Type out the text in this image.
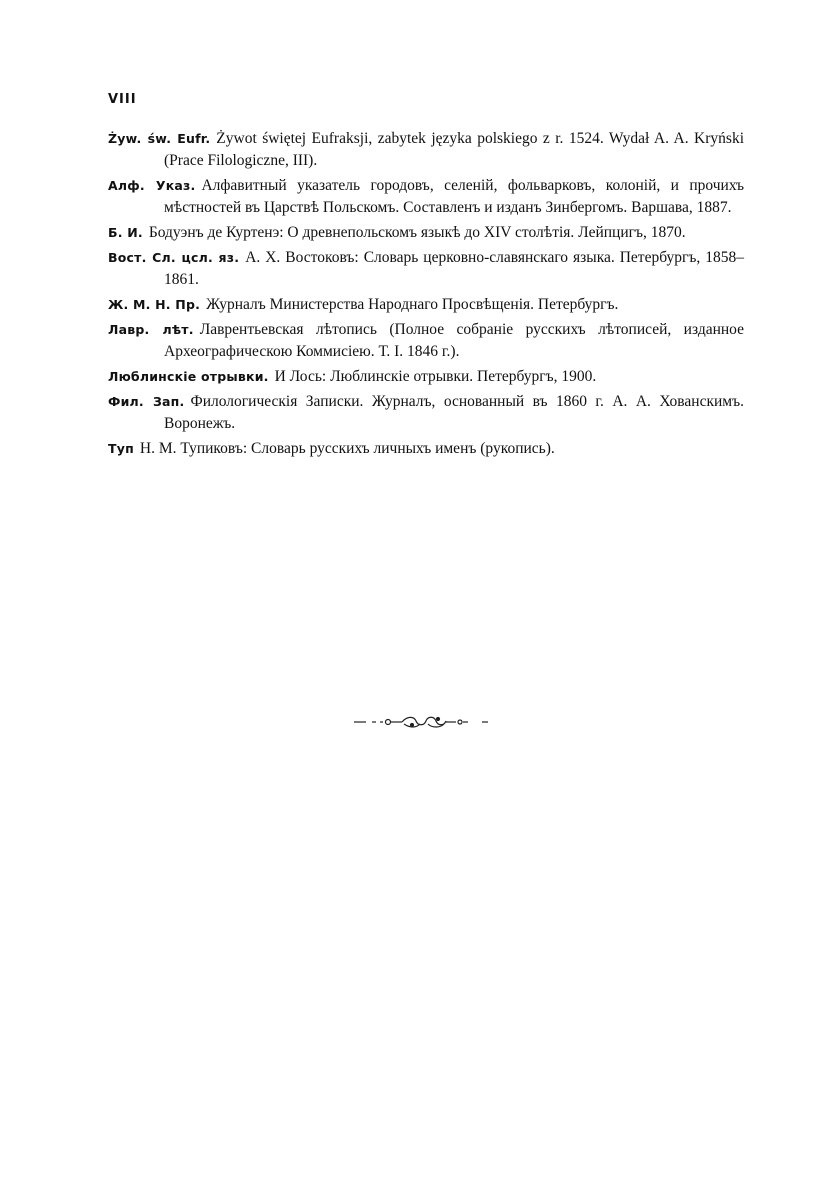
VIII

Żyw. św. Eufr. Żywot świętej Eufraksji, zabytek języka polskiego z r. 1524. Wydał A. A. Kryński (Prace Filologiczne, III).

Алф. Указ. Алфавитный указатель городовъ, селеній, фольварковъ, колоній, и прочихъ мѣстностей въ Царствѣ Польскомъ. Составленъ и изданъ Зинбергомъ. Варшава, 1887.

Б. И. Бодуэнъ де Куртенэ: О древнепольскомъ языкѣ до XIV столѣтія. Лейпцигъ, 1870.

Вост. Сл. цсл. яз. А. Х. Востоковъ: Словарь церковно-славянскаго языка. Петербургъ, 1858–1861.

Ж. М. Н. Пр. Журналъ Министерства Народнаго Просвѣщенія. Петербургъ.

Лавр. лѣт. Лаврентьевская лѣтопись (Полное собраніе русскихъ лѣтописей, изданное Археографическою Коммисіею. Т. I. 1846 г.).

Люблинскіе отрывки. И Лось: Люблинскіе отрывки. Петербургъ, 1900.

Фил. Зап. Филологическія Записки. Журналъ, основанный въ 1860 г. А. А. Хованскимъ. Воронежъ.

Туп Н. М. Тупиковъ: Словарь русскихъ личныхъ именъ (рукопись).
